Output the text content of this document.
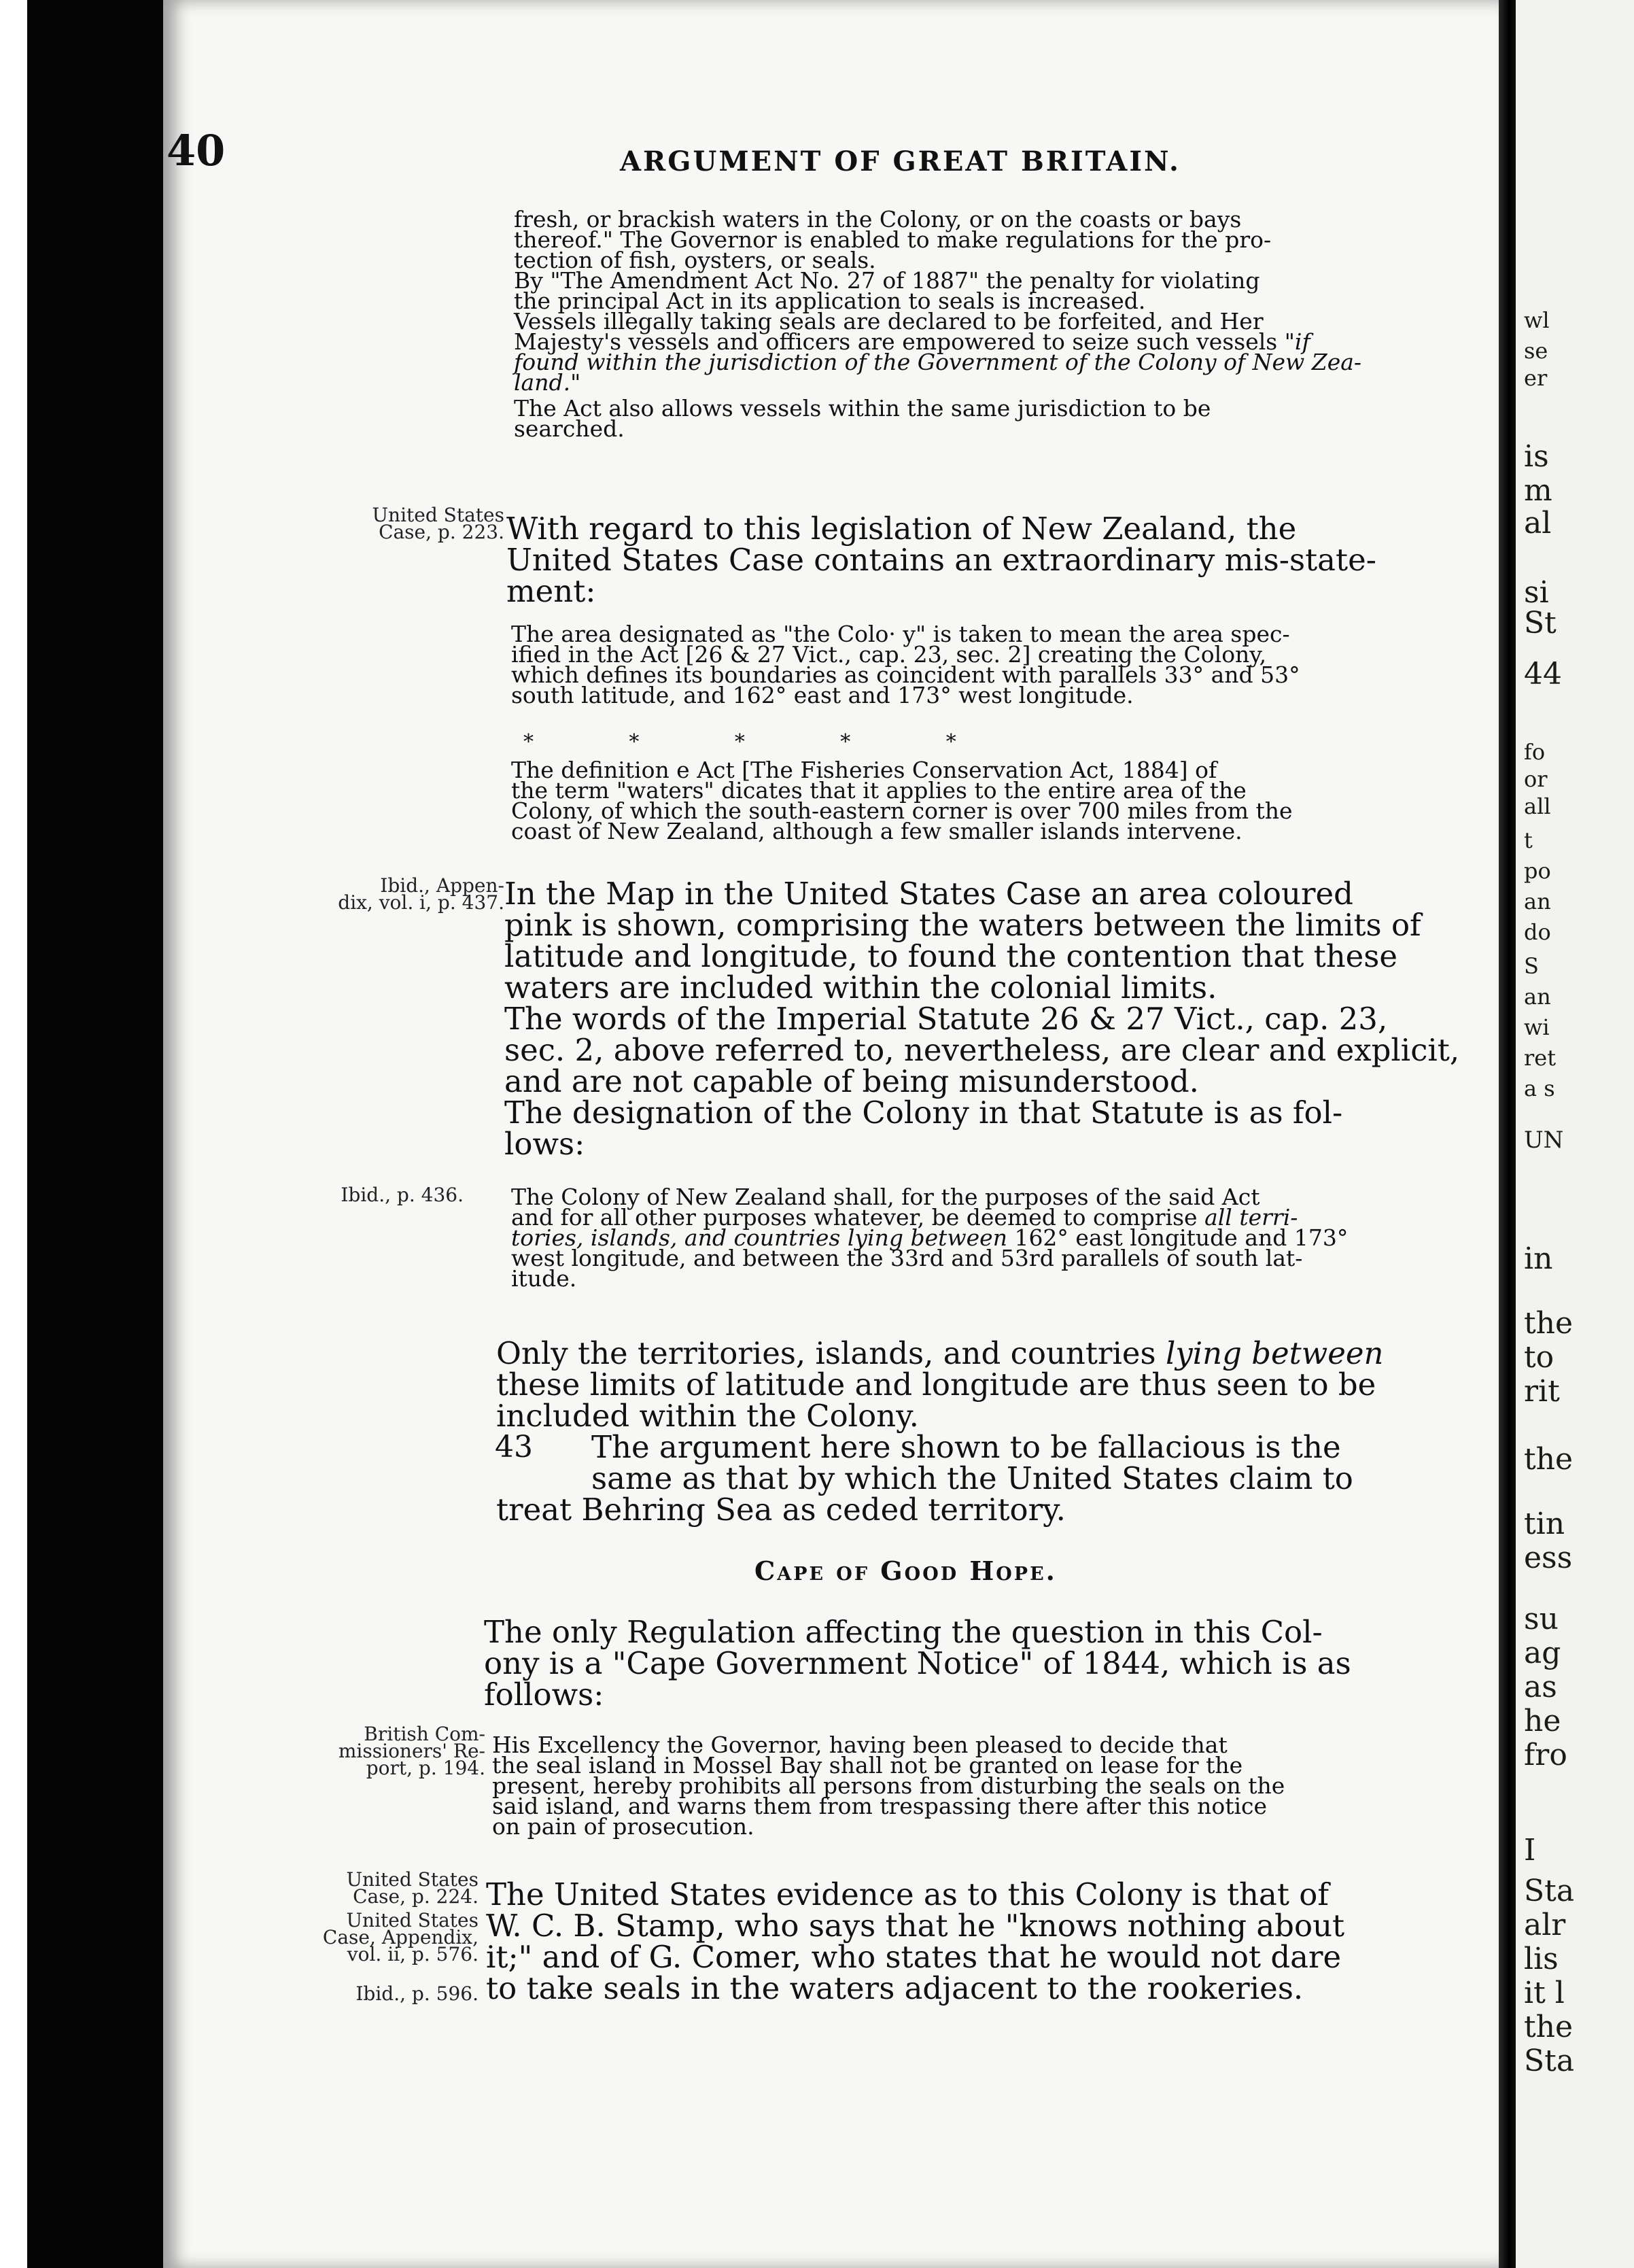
40	ARGUMENT OF GREAT BRITAIN.
fresh, or brackish waters in the Colony, or on the coasts or bays
thereof." The Governor is enabled to make regulations for the pro-
tection of fish, oysters, or seals.
By "The Amendment Act No. 27 of 1887" the penalty for violating
the principal Act in its application to seals is increased.
Vessels illegally taking seals are declared to be forfeited, and Her
Majesty's vessels and officers are empowered to seize such vessels "if
found within the jurisdiction of the Government of the Colony of New Zea-
land."
The Act also allows vessels within the same jurisdiction to be
searched.
United States
Case, p. 223. With regard to this legislation of New Zealand, the
United States Case contains an extraordinary mis-state-
ment:
The area designated as "the Colo· y" is taken to mean the area spec-
ified in the Act [26 & 27 Vict., cap. 23, sec. 2] creating the Colony,
which defines its boundaries as coincident with parallels 33° and 53°
south latitude, and 162° east and 173° west longitude.
*            *            *            *            *
The definition e Act [The Fisheries Conservation Act, 1884] of
the term "waters" dicates that it applies to the entire area of the
Colony, of which the south-eastern corner is over 700 miles from the
coast of New Zealand, although a few smaller islands intervene.
Ibid., Appen-
dix, vol. i, p. 437. In the Map in the United States Case an area coloured
pink is shown, comprising the waters between the limits of
latitude and longitude, to found the contention that these
waters are included within the colonial limits.
The words of the Imperial Statute 26 & 27 Vict., cap. 23,
sec. 2, above referred to, nevertheless, are clear and explicit,
and are not capable of being misunderstood.
The designation of the Colony in that Statute is as fol-
lows:
Ibid., p. 436. The Colony of New Zealand shall, for the purposes of the said Act
and for all other purposes whatever, be deemed to comprise all terri-
tories, islands, and countries lying between 162° east longitude and 173°
west longitude, and between the 33rd and 53rd parallels of south lat-
itude.
Only the territories, islands, and countries lying between
these limits of latitude and longitude are thus seen to be
included within the Colony.
43 The argument here shown to be fallacious is the
same as that by which the United States claim to
treat Behring Sea as ceded territory.
Cape of Good Hope.
The only Regulation affecting the question in this Col-
ony is a "Cape Government Notice" of 1844, which is as
follows:
British Com-
missioners' Re-
port, p. 194.
His Excellency the Governor, having been pleased to decide that
the seal island in Mossel Bay shall not be granted on lease for the
present, hereby prohibits all persons from disturbing the seals on the
said island, and warns them from trespassing there after this notice
on pain of prosecution.
United States
Case, p. 224.
United States
Case, Appendix,
vol. ii, p. 576.
Ibid., p. 596.
The United States evidence as to this Colony is that of
W. C. B. Stamp, who says that he "knows nothing about
it;" and of G. Comer, who states that he would not dare
to take seals in the waters adjacent to the rookeries.
wl
se
er
is
m
al
si
St
44
fo
or
all
t
po
an
do
S
an
wi
ret
a s
UN
in
the
to
rit
the
tin
ess
su
ag
as
he
fro
I
Sta
alr
lis
it l
the
Sta
